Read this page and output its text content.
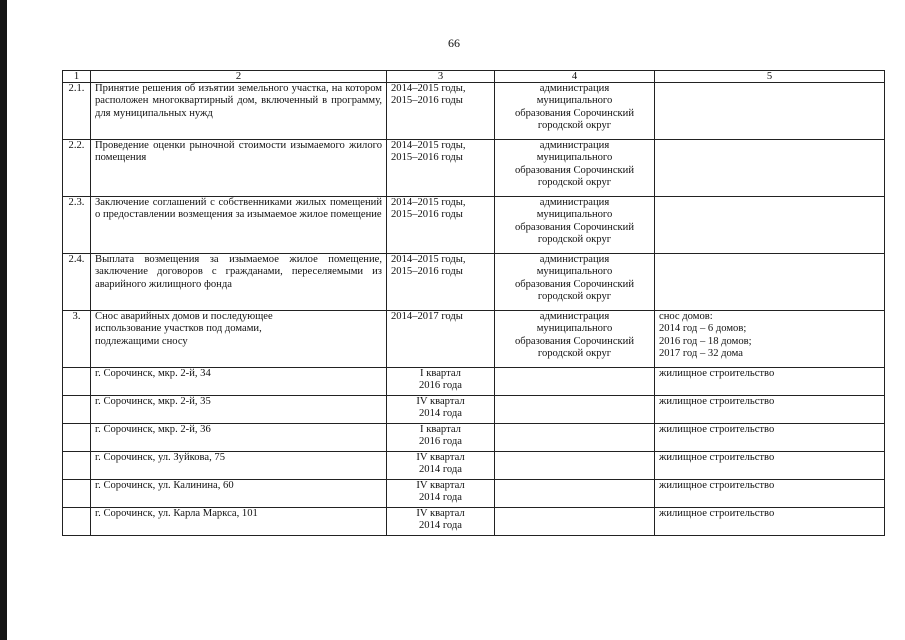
66
1	2	3	4	5
2.1.	Принятие решения об изъятии земельного участка, на котором расположен многоквартирный дом, включенный в программу, для муниципальных нужд	2014–2015 годы,
2015–2016 годы	администрация
муниципального
образования Сорочинский
городской округ	

2.2.	Проведение оценки рыночной стоимости изымаемого жилого помещения	2014–2015 годы,
2015–2016 годы	администрация
муниципального
образования Сорочинский
городской округ	

2.3.	Заключение соглашений с собственниками жилых помещений о предоставлении возмещения за изымаемое жилое помещение	2014–2015 годы,
2015–2016 годы	администрация
муниципального
образования Сорочинский
городской округ	

2.4.	Выплата возмещения за изымаемое жилое помещение, заключение договоров с гражданами, переселяемыми из аварийного жилищного фонда	2014–2015 годы,
2015–2016 годы	администрация
муниципального
образования Сорочинский
городской округ	

3.	Снос аварийных домов и последующее
использование участков под домами,
подлежащими сносу	2014–2017 годы	администрация
муниципального
образования Сорочинский
городской округ	снос домов:
2014 год – 6 домов;
2016 год – 18 домов;
2017 год – 32 дома

	г. Сорочинск, мкр. 2-й, 34	I квартал
2016 года		жилищное строительство
	г. Сорочинск, мкр. 2-й, 35	IV квартал
2014 года		жилищное строительство
	г. Сорочинск, мкр. 2-й, 36	I квартал
2016 года		жилищное строительство
	г. Сорочинск, ул. Зуйкова, 75	IV квартал
2014 года		жилищное строительство
	г. Сорочинск, ул. Калинина, 60	IV квартал
2014 года		жилищное строительство
	г. Сорочинск, ул. Карла Маркса, 101	IV квартал
2014 года		жилищное строительство
